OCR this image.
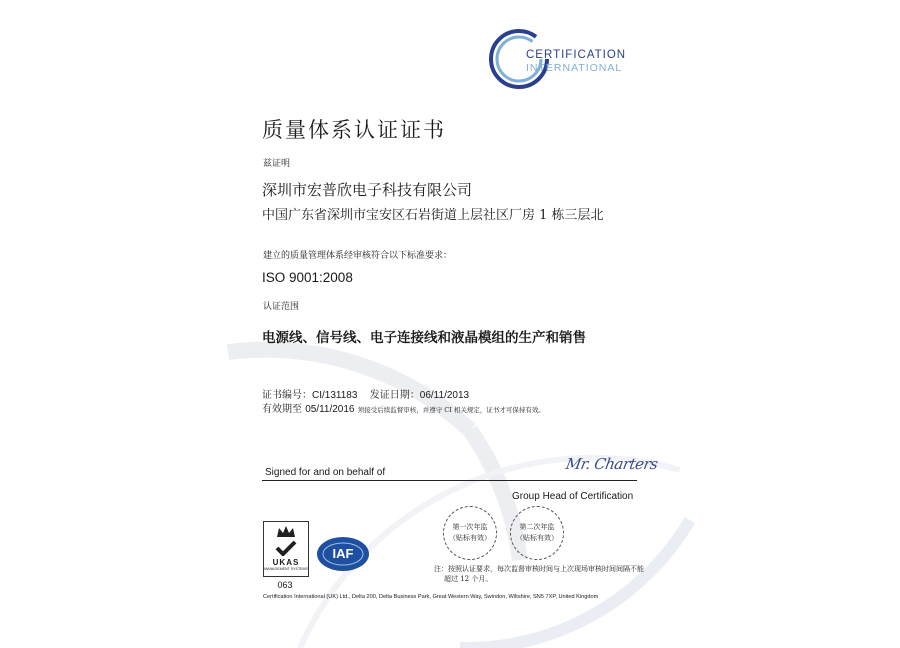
CERTIFICATION
INTERNATIONAL
质量体系认证证书
兹证明
深圳市宏普欣电子科技有限公司
中国广东省深圳市宝安区石岩街道上层社区厂房 1 栋三层北
建立的质量管理体系经审核符合以下标准要求：
ISO 9001:2008
认证范围
电源线、信号线、电子连接线和液晶模组的生产和销售
证书编号：CI/131183 发证日期：06/11/2013
有效期至 05/11/2016 须接受后续监督审核，并遵守 CI 相关规定，证书才可保持有效。
Signed for and on behalf of	Mr. Charters
Group Head of Certification
第一次年监
（贴标有效）
第二次年监
（贴标有效）
注：按照认证要求，每次监督审核时间与上次现场审核时间间隔不能
超过 12 个月。
UKAS
MANAGEMENT SYSTEMS
063
IAF
Certification International (UK) Ltd., Delta 200, Delta Business Park, Great Western Way, Swindon, Wiltshire, SN5 7XP, United Kingdom
